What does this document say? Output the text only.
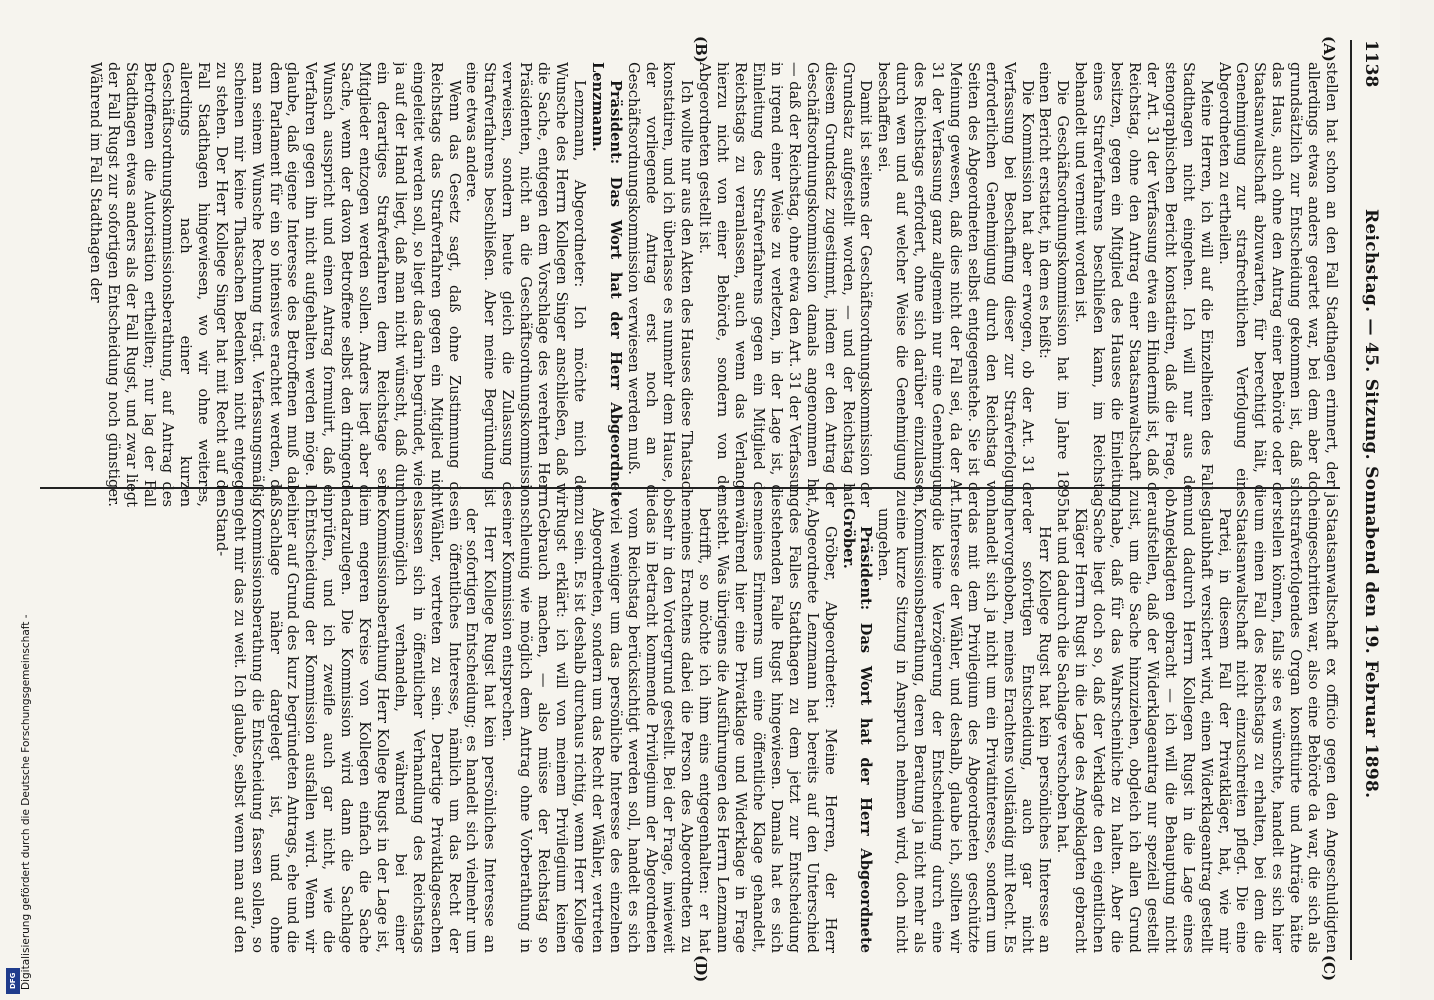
1138
Reichstag. — 45. Sitzung. Sonnabend den 19. Februar 1898.
(A)
(B)
(C)
(D)

stellen hat schon an den Fall Stadthagen erinnert, der ja allerdings etwas anders geartet war, bei dem aber doch grundsätzlich zur Entscheidung gekommen ist, daß sich das Haus, auch ohne den Antrag einer Behörde oder der Staatsanwaltschaft abzuwarten, für berechtigt hält, die Genehmigung zur strafrechtlichen Verfolgung eines Abgeordneten zu ertheilen.

Meine Herren, ich will auf die Einzelheiten des Falles Stadthagen nicht eingehen. Ich will nur aus dem stenographischen Bericht konstatiren, daß die Frage, ob der Art. 31 der Verfassung etwa ein Hinderniß ist, daß der Reichstag, ohne den Antrag einer Staatsanwaltschaft zu besitzen, gegen ein Mitglied des Hauses die Einleitung eines Strafverfahrens beschließen kann, im Reichstag behandelt und verneint worden ist.

Die Geschäftsordnungskommission hat im Jahre 1895 einen Bericht erstattet, in dem es heißt:

Die Kommission hat aber erwogen, ob der Art. 31 der Verfassung bei Beschaffung dieser zur Strafverfolgung erforderlichen Genehmigung durch den Reichstag von Seiten des Abgeordneten selbst entgegenstehe. Sie ist der Meinung gewesen, daß dies nicht der Fall sei, da der Art. 31 der Verfassung ganz allgemein nur eine Genehmigung des Reichstags erfordert, ohne sich darüber einzulassen, durch wen und auf welcher Weise die Genehmigung zu beschaffen sei.

Damit ist seitens der Geschäftsordnungskommission der Grundsatz aufgestellt worden, — und der Reichstag hat diesem Grundsatz zugestimmt, indem er den Antrag der Geschäftsordnungskommission damals angenommen hat, — daß der Reichstag, ohne etwa den Art. 31 der Verfassung in irgend einer Weise zu verletzen, in der Lage ist, die Einleitung des Strafverfahrens gegen ein Mitglied des Reichstags zu veranlassen, auch wenn das Verlangen hierzu nicht von einer Behörde, sondern von dem Abgeordneten gestellt ist.

Ich wollte nur aus den Akten des Hauses diese Thatsache konstatiren, und ich überlasse es nunmehr dem Hause, ob der vorliegende Antrag erst noch an die Geschäftsordnungskommission verwiesen werden muß.

Präsident: Das Wort hat der Herr Abgeordnete Lenzmann.

Lenzmann, Abgeordneter: Ich möchte mich dem Wunsche des Herrn Kollegen Singer anschließen, daß wir die Sache, entgegen dem Vorschlage des verehrten Herrn Präsidenten, nicht an die Geschäftsordnungskommission verweisen, sondern heute gleich die Zulassung des Strafverfahrens beschließen. Aber meine Begründung ist eine etwas andere.

Wenn das Gesetz sagt, daß ohne Zustimmung des Reichstags das Strafverfahren gegen ein Mitglied nicht eingeleitet werden soll, so liegt das darin begründet, wie es ja auf der Hand liegt, daß man nicht wünscht, daß durch ein derartiges Strafverfahren dem Reichstage seine Mitglieder entzogen werden sollen. Anders liegt aber die Sache, wenn der davon Betroffene selbst den dringenden Wunsch ausspricht und einen Antrag formulirt, daß ein Verfahren gegen ihn nicht aufgehalten werden möge. Ich glaube, daß eigene Interesse des Betroffenen muß dabei dem Parlament für ein so intensives erachtet werden, daß man seinem Wunsche Rechnung trägt. Verfassungsmäßig scheinen mir keine Thatsachen Bedenken nicht entgegen zu stehen. Der Herr Kollege Singer hat mit Recht auf den Fall Stadthagen hingewiesen, wo wir ohne weiteres, allerdings nach einer kurzen Geschäftsordnungskommissionsberathung, auf Antrag des Betroffenen die Autorisation ertheilten; nur lag der Fall Stadthagen etwas anders als der Fall Rugst, und zwar liegt der Fall Rugst zur sofortigen Entscheidung noch günstiger. Während im Fall Stadthagen der

Staatsanwaltschaft ex officio gegen den Angeschuldigten eingeschritten war, also eine Behörde da war, die sich als strafverfolgendes Organ konstituirte und Anträge hätte stellen können, falls sie es wünschte, handelt es sich hier um einen Fall des Reichstags zu erhalten, bei dem die Staatsanwaltschaft nicht einzuschreiten pflegt. Die eine Partei, in diesem Fall der Privatkläger, hat, wie mir glaubhaft versichert wird, einen Widerklageantrag gestellt und dadurch Herrn Kollegen Rugst in die Lage eines Angeklagten gebracht — ich will die Behauptung nicht aufstellen, daß der Widerklageantrag nur speziell gestellt ist, um die Sache hinzuziehen, obgleich ich allen Grund habe, daß für das Wahrscheinliche zu halten. Aber die Sache liegt doch so, daß der Verklagte den eigentlichen Kläger Herrn Rugst in die Lage des Angeklagten gebracht hat und dadurch die Sachlage verschoben hat.

Herr Kollege Rugst hat kein persönliches Interesse an der sofortigen Entscheidung, auch gar nicht hervorgehoben, meines Erachtens vollständig mit Recht. Es handelt sich ja nicht um ein Privatinteresse, sondern um das mit dem Privilegium des Abgeordneten geschützte Interesse der Wähler, und deshalb, glaube ich, sollten wir die kleine Verzögerung der Entscheidung durch eine Kommissionsberathung, deren Beratung ja nicht mehr als eine kurze Sitzung in Anspruch nehmen wird, doch nicht umgehen.

Präsident: Das Wort hat der Herr Abgeordnete Gröber.

Gröber, Abgeordneter: Meine Herren, der Herr Abgeordnete Lenzmann hat bereits auf den Unterschied des Falles Stadthagen zu dem jetzt zur Entscheidung stehenden Falle Rugst hingewiesen. Damals hat es sich meines Erinnerns um eine öffentliche Klage gehandelt, während hier eine Privatklage und Widerklage in Frage steht. Was übrigens die Ausführungen des Herrn Lenzmann betrifft, so möchte ich ihm eins entgegenhalten: er hat meines Erachtens dabei die Person des Abgeordneten zu sehr in den Vordergrund gestellt. Bei der Frage, inwieweit das in Betracht kommende Privilegium der Abgeordneten vom Reichstag berücksichtigt werden soll, handelt es sich viel weniger um das persönliche Interesse des einzelnen Abgeordneten, sondern um das Recht der Wähler, vertreten zu sein. Es ist deshalb durchaus richtig, wenn Herr Kollege Rugst erklärt: ich will von meinem Privilegium keinen Gebrauch machen, — also müsse der Reichstag so schleunig wie möglich dem Antrag ohne Vorberathung in einer Kommission entsprechen.

Herr Kollege Rugst hat kein persönliches Interesse an der sofortigen Entscheidung; es handelt sich vielmehr um ein öffentliches Interesse, nämlich um das Recht der Wähler, vertreten zu sein. Derartige Privatklagesachen lassen sich in öffentlicher Verhandlung des Reichstags unmöglich verhandeln, während bei einer Kommissionsberathung Herr Kollege Rugst in der Lage ist, im engeren Kreise von Kollegen einfach die Sache darzulegen. Die Kommission wird dann die Sachlage prüfen, und ich zweifle auch gar nicht, wie die Entscheidung der Kommission ausfallen wird. Wenn wir hier auf Grund des kurz begründeten Antrags, ehe und die Sachlage näher dargelegt ist, und ohne Kommissionsberathung die Entscheidung fassen sollen, so geht mir das zu weit. Ich glaube, selbst wenn man auf den Stand-

DFG Digitalisierung gefördert durch die Deutsche Forschungsgemeinschaft -
